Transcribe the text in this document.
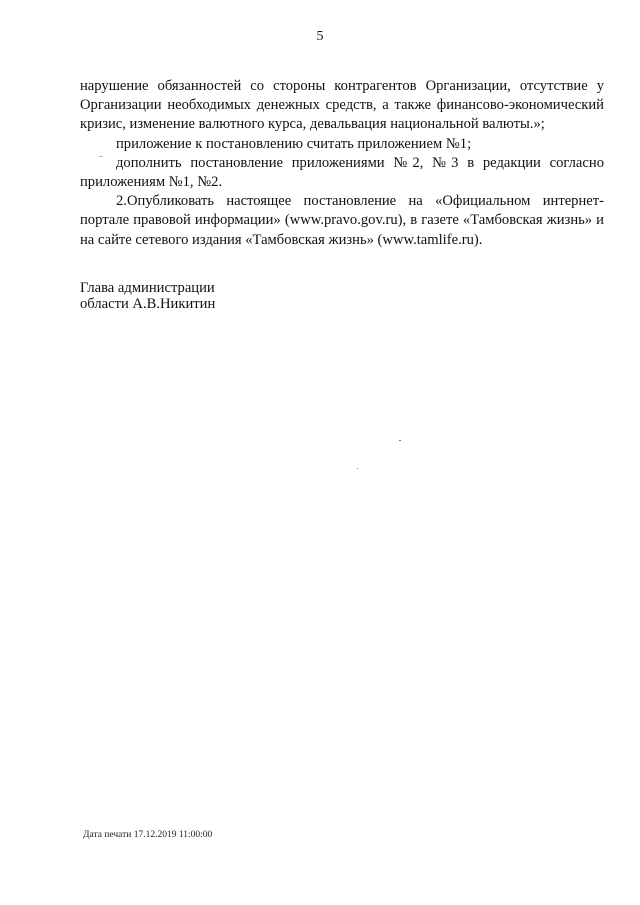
5

нарушение обязанностей со стороны контрагентов Организации, отсутствие у Организации необходимых денежных средств, а также финансово-экономический кризис, изменение валютного курса, девальвация национальной валюты.»;

приложение к постановлению считать приложением №1;

дополнить постановление приложениями №2, №3 в редакции согласно приложениям №1, №2.

2.Опубликовать настоящее постановление на «Официальном интернет-портале правовой информации» (www.pravo.gov.ru), в газете «Тамбовская жизнь» и на сайте сетевого издания «Тамбовская жизнь» (www.tamlife.ru).

Глава администрации
области А.В.Никитин
Дата печати 17.12.2019 11:00:00
